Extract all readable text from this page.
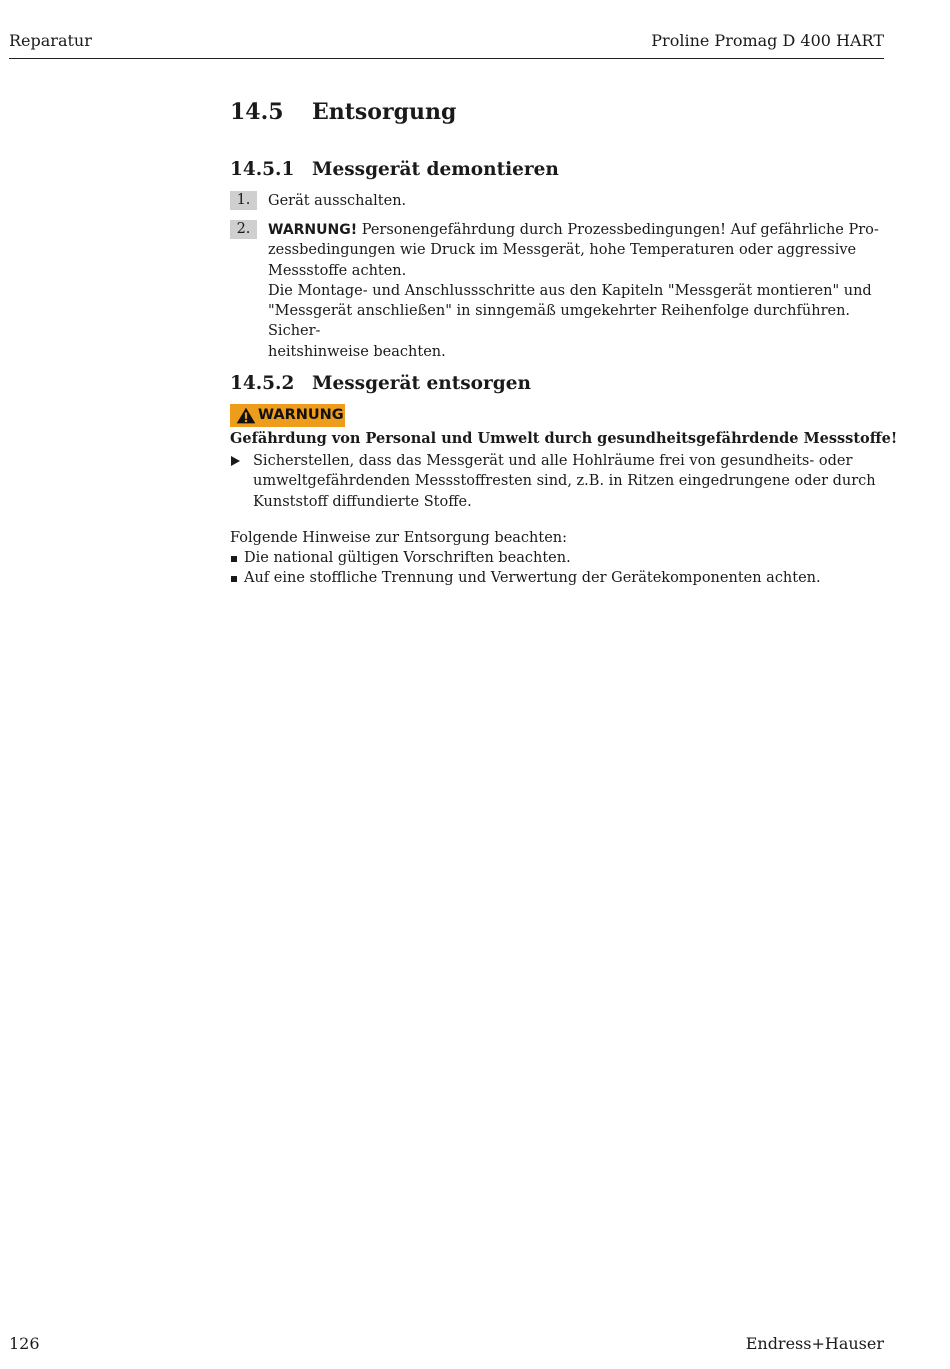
Reparatur	Proline Promag D 400 HART
14.5 Entsorgung
14.5.1 Messgerät demontieren
1.	Gerät ausschalten.
2.	WARNUNG! Personengefährdung durch Prozessbedingungen! Auf gefährliche Pro-
zessbedingungen wie Druck im Messgerät, hohe Temperaturen oder aggressive
Messstoffe achten.
Die Montage- und Anschlussschritte aus den Kapiteln "Messgerät montieren" und
"Messgerät anschließen" in sinngemäß umgekehrter Reihenfolge durchführen. Sicher-
heitshinweise beachten.
14.5.2 Messgerät entsorgen
WARNUNG
Gefährdung von Personal und Umwelt durch gesundheitsgefährdende Messstoffe!
Sicherstellen, dass das Messgerät und alle Hohlräume frei von gesundheits- oder
umweltgefährdenden Messstoffresten sind, z.B. in Ritzen eingedrungene oder durch
Kunststoff diffundierte Stoffe.
Folgende Hinweise zur Entsorgung beachten:
Die national gültigen Vorschriften beachten.
Auf eine stoffliche Trennung und Verwertung der Gerätekomponenten achten.
126	Endress+Hauser
